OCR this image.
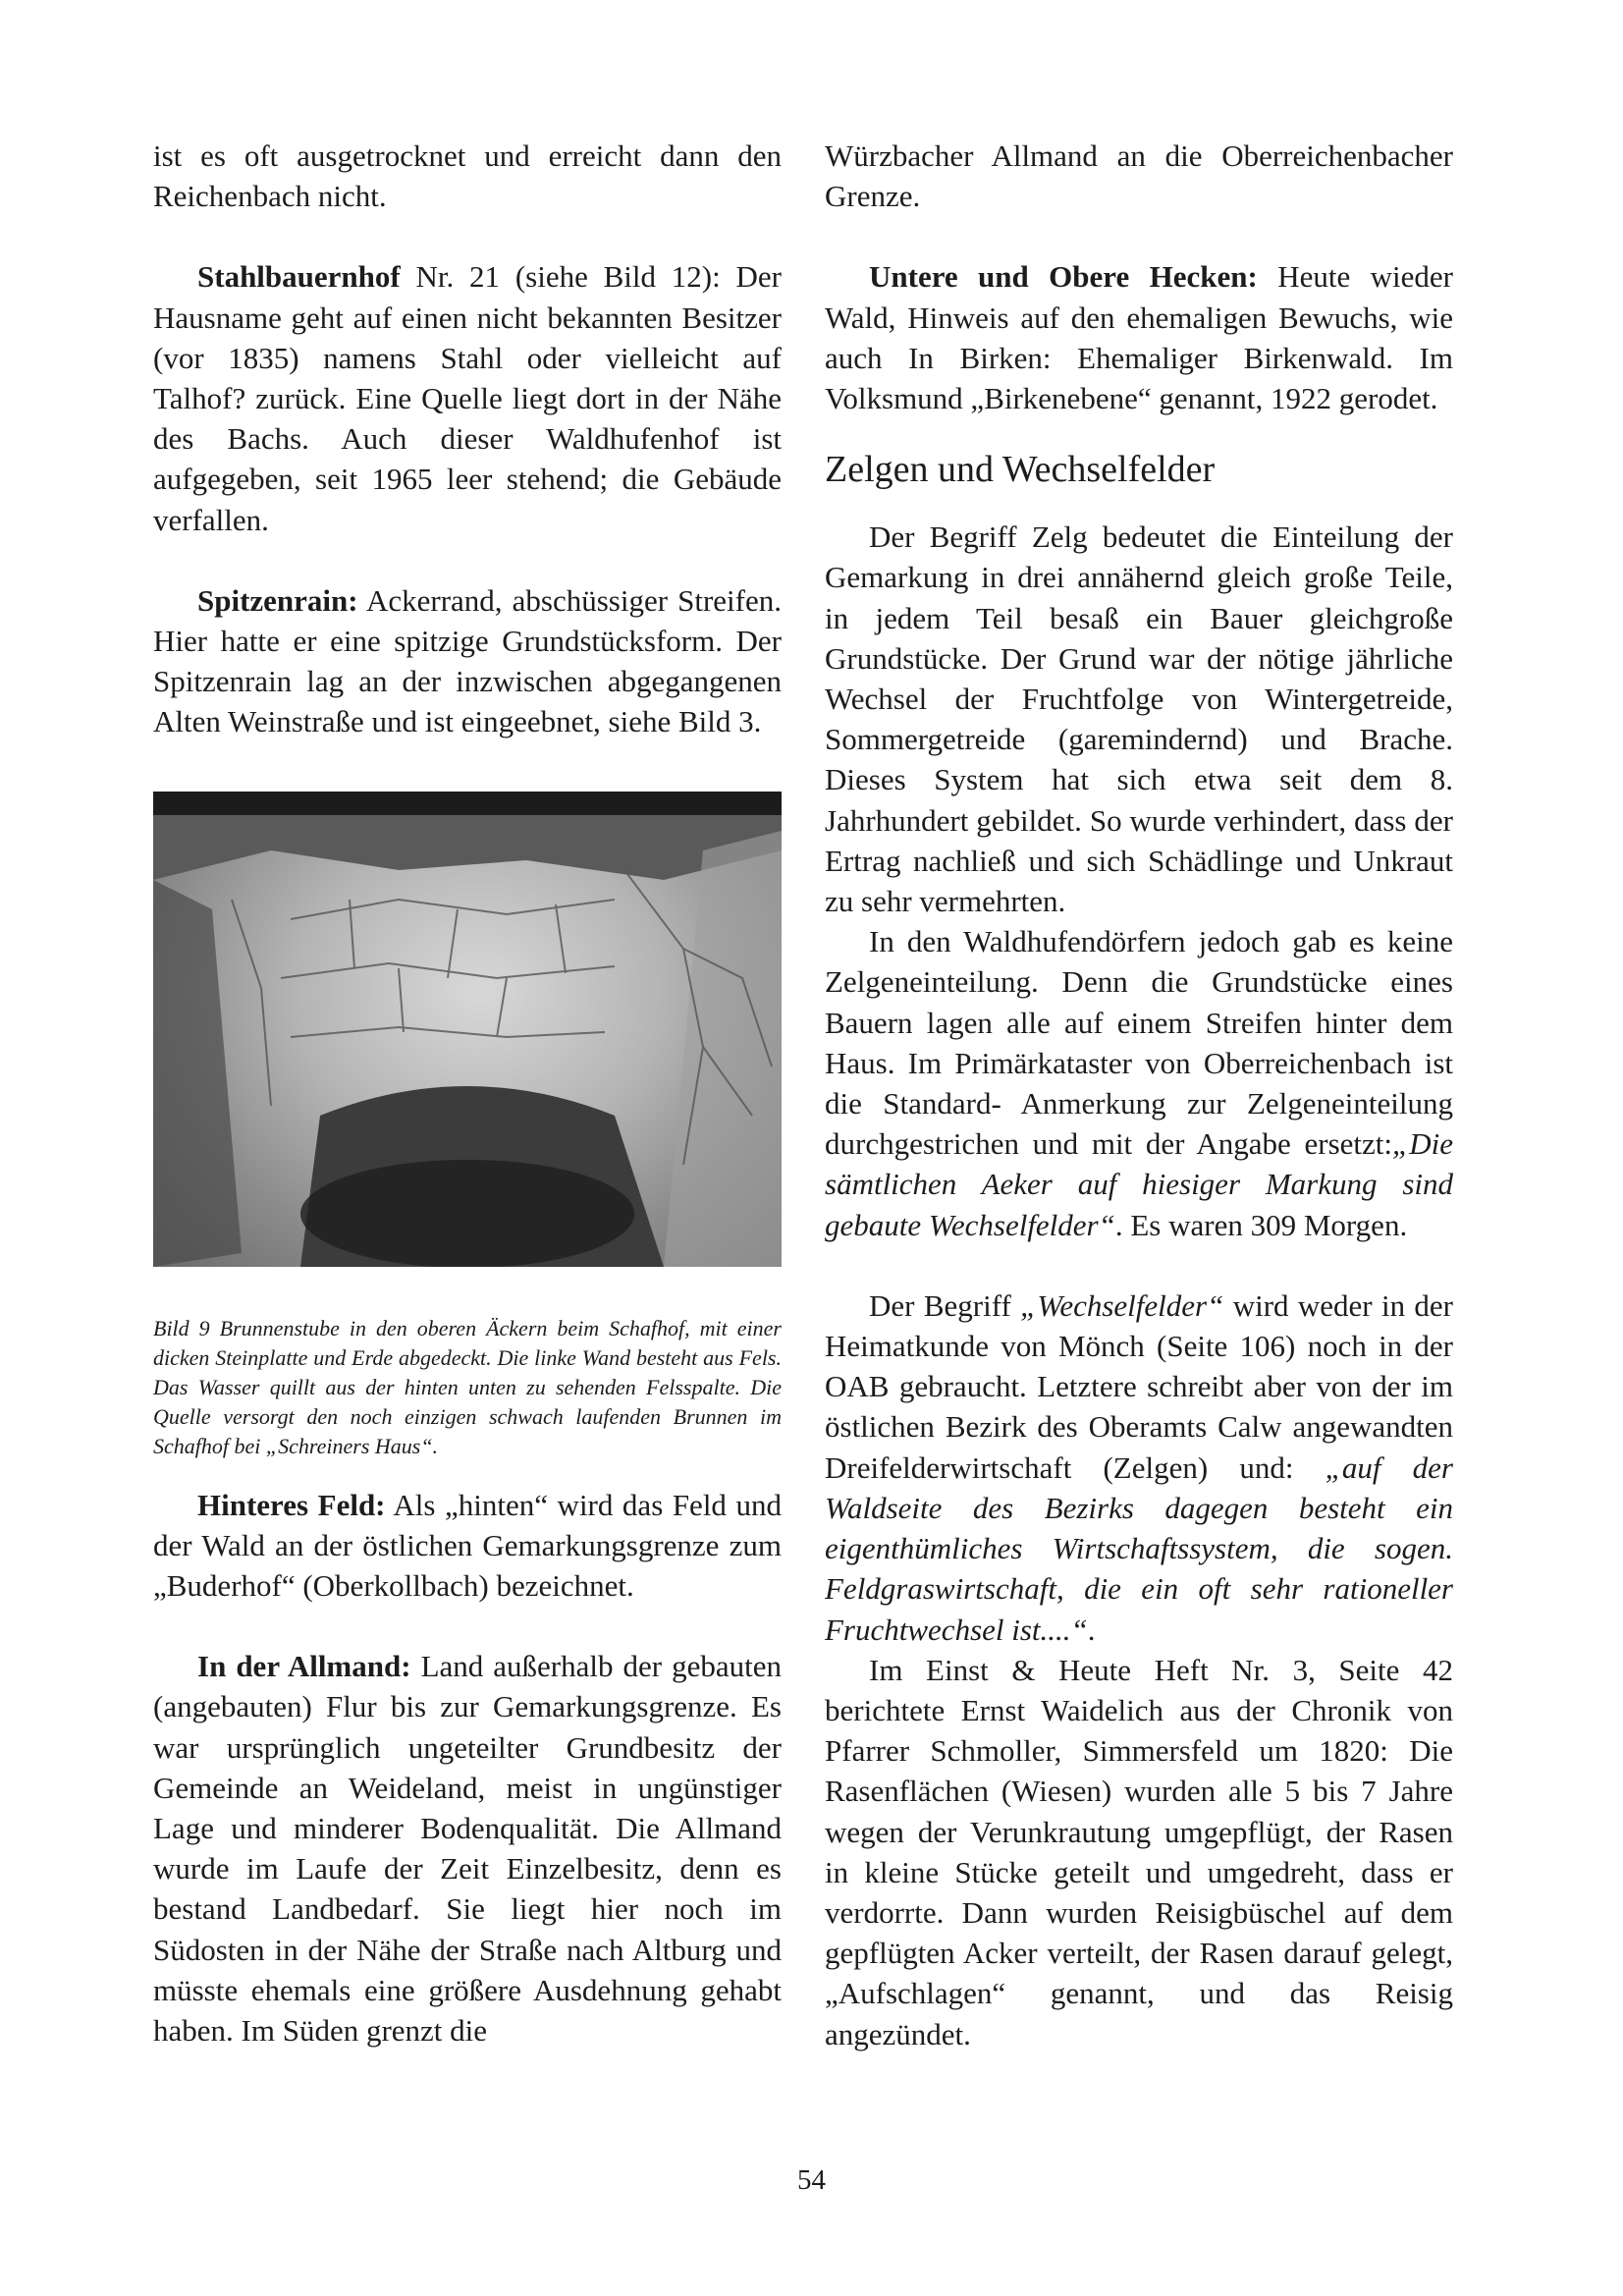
ist es oft ausgetrocknet und erreicht dann den Reichenbach nicht.

Stahlbauernhof Nr. 21 (siehe Bild 12): Der Hausname geht auf einen nicht bekannten Besitzer (vor 1835) namens Stahl oder vielleicht auf Talhof? zurück. Eine Quelle liegt dort in der Nähe des Bachs. Auch dieser Waldhufenhof ist aufgegeben, seit 1965 leer stehend; die Gebäude verfallen.

Spitzenrain: Ackerrand, abschüssiger Streifen. Hier hatte er eine spitzige Grundstücksform. Der Spitzenrain lag an der inzwischen abgegangenen Alten Weinstraße und ist eingeebnet, siehe Bild 3.

Bild 9 Brunnenstube in den oberen Äckern beim Schafhof, mit einer dicken Steinplatte und Erde abgedeckt. Die linke Wand besteht aus Fels. Das Wasser quillt aus der hinten unten zu sehenden Felsspalte. Die Quelle versorgt den noch einzigen schwach laufenden Brunnen im Schafhof bei „Schreiners Haus“.

Hinteres Feld: Als „hinten“ wird das Feld und der Wald an der östlichen Gemarkungsgrenze zum „Buderhof“ (Oberkollbach) bezeichnet.

In der Allmand: Land außerhalb der gebauten (angebauten) Flur bis zur Gemarkungsgrenze. Es war ursprünglich ungeteilter Grundbesitz der Gemeinde an Weideland, meist in ungünstiger Lage und minderer Bodenqualität. Die Allmand wurde im Laufe der Zeit Einzelbesitz, denn es bestand Landbedarf. Sie liegt hier noch im Südosten in der Nähe der Straße nach Altburg und müsste ehemals eine größere Ausdehnung gehabt haben. Im Süden grenzt die

Würzbacher Allmand an die Oberreichenbacher Grenze.

Untere und Obere Hecken: Heute wieder Wald, Hinweis auf den ehemaligen Bewuchs, wie auch In Birken: Ehemaliger Birkenwald. Im Volksmund „Birkenebene“ genannt, 1922 gerodet.

Zelgen und Wechselfelder

Der Begriff Zelg bedeutet die Einteilung der Gemarkung in drei annähernd gleich große Teile, in jedem Teil besaß ein Bauer gleichgroße Grundstücke. Der Grund war der nötige jährliche Wechsel der Fruchtfolge von Wintergetreide, Sommergetreide (garemindernd) und Brache. Dieses System hat sich etwa seit dem 8. Jahrhundert gebildet. So wurde verhindert, dass der Ertrag nachließ und sich Schädlinge und Unkraut zu sehr vermehrten.

In den Waldhufendörfern jedoch gab es keine Zelgeneinteilung. Denn die Grundstücke eines Bauern lagen alle auf einem Streifen hinter dem Haus. Im Primärkataster von Oberreichenbach ist die Standard- Anmerkung zur Zelgeneinteilung durchgestrichen und mit der Angabe ersetzt:„Die sämtlichen Aeker auf hiesiger Markung sind gebaute Wechselfelder“. Es waren 309 Morgen.

Der Begriff „Wechselfelder“ wird weder in der Heimatkunde von Mönch (Seite 106) noch in der OAB gebraucht. Letztere schreibt aber von der im östlichen Bezirk des Oberamts Calw angewandten Dreifelderwirtschaft (Zelgen) und: „auf der Waldseite des Bezirks dagegen besteht ein eigenthümliches Wirtschaftssystem, die sogen. Feldgraswirtschaft, die ein oft sehr rationeller Fruchtwechsel ist....“.

Im Einst & Heute Heft Nr. 3, Seite 42 berichtete Ernst Waidelich aus der Chronik von Pfarrer Schmoller, Simmersfeld um 1820: Die Rasenflächen (Wiesen) wurden alle 5 bis 7 Jahre wegen der Verunkrautung umgepflügt, der Rasen in kleine Stücke geteilt und umgedreht, dass er verdorrte. Dann wurden Reisigbüschel auf dem gepflügten Acker verteilt, der Rasen darauf gelegt, „Aufschlagen“ genannt, und das Reisig angezündet.

54
